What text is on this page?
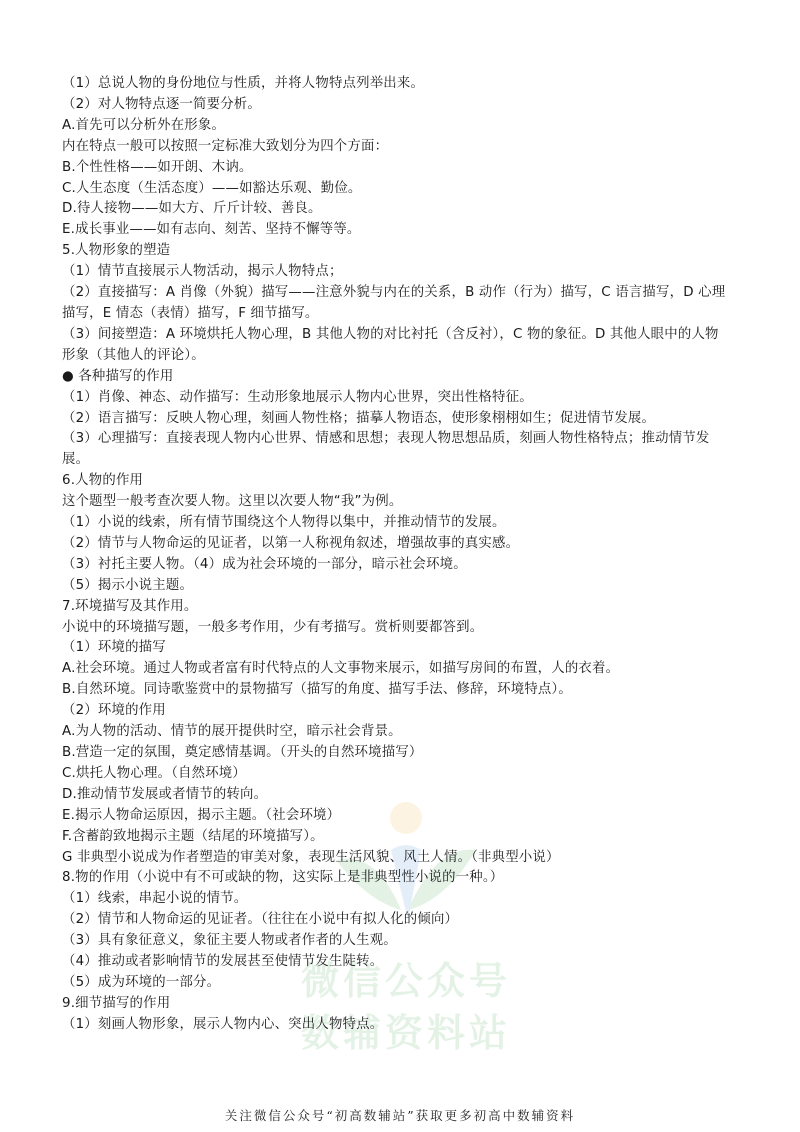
微信公众号
数辅资料站
（1）总说人物的身份地位与性质，并将人物特点列举出来。
（2）对人物特点逐一简要分析。
A.首先可以分析外在形象。
内在特点一般可以按照一定标准大致划分为四个方面：
B.个性性格——如开朗、木讷。
C.人生态度（生活态度）——如豁达乐观、勤俭。
D.待人接物——如大方、斤斤计较、善良。
E.成长事业——如有志向、刻苦、坚持不懈等等。
5.人物形象的塑造
（1）情节直接展示人物活动，揭示人物特点；
（2）直接描写：A 肖像（外貌）描写——注意外貌与内在的关系，B 动作（行为）描写，C 语言描写，D 心理
描写，E 情态（表情）描写，F 细节描写。
（3）间接塑造：A 环境烘托人物心理，B 其他人物的对比衬托（含反衬），C 物的象征。D 其他人眼中的人物
形象（其他人的评论）。
● 各种描写的作用
（1）肖像、神态、动作描写：生动形象地展示人物内心世界，突出性格特征。
（2）语言描写：反映人物心理，刻画人物性格；描摹人物语态，使形象栩栩如生；促进情节发展。
（3）心理描写：直接表现人物内心世界、情感和思想；表现人物思想品质，刻画人物性格特点；推动情节发
展。
6.人物的作用
这个题型一般考查次要人物。这里以次要人物“我”为例。
（1）小说的线索，所有情节围绕这个人物得以集中，并推动情节的发展。
（2）情节与人物命运的见证者，以第一人称视角叙述，增强故事的真实感。
（3）衬托主要人物。（4）成为社会环境的一部分，暗示社会环境。
（5）揭示小说主题。
7.环境描写及其作用。
小说中的环境描写题，一般多考作用，少有考描写。赏析则要都答到。
（1）环境的描写
A.社会环境。通过人物或者富有时代特点的人文事物来展示，如描写房间的布置，人的衣着。
B.自然环境。同诗歌鉴赏中的景物描写（描写的角度、描写手法、修辞，环境特点）。
（2）环境的作用
A.为人物的活动、情节的展开提供时空，暗示社会背景。
B.营造一定的氛围，奠定感情基调。（开头的自然环境描写）
C.烘托人物心理。（自然环境）
D.推动情节发展或者情节的转向。
E.揭示人物命运原因，揭示主题。（社会环境）
F.含蓄韵致地揭示主题（结尾的环境描写）。
G 非典型小说成为作者塑造的审美对象，表现生活风貌、风土人情。（非典型小说）
8.物的作用（小说中有不可或缺的物，这实际上是非典型性小说的一种。）
（1）线索，串起小说的情节。
（2）情节和人物命运的见证者。（往往在小说中有拟人化的倾向）
（3）具有象征意义，象征主要人物或者作者的人生观。
（4）推动或者影响情节的发展甚至使情节发生陡转。
（5）成为环境的一部分。
9.细节描写的作用
（1）刻画人物形象，展示人物内心、突出人物特点。
关注微信公众号“初高数辅站”获取更多初高中数辅资料
